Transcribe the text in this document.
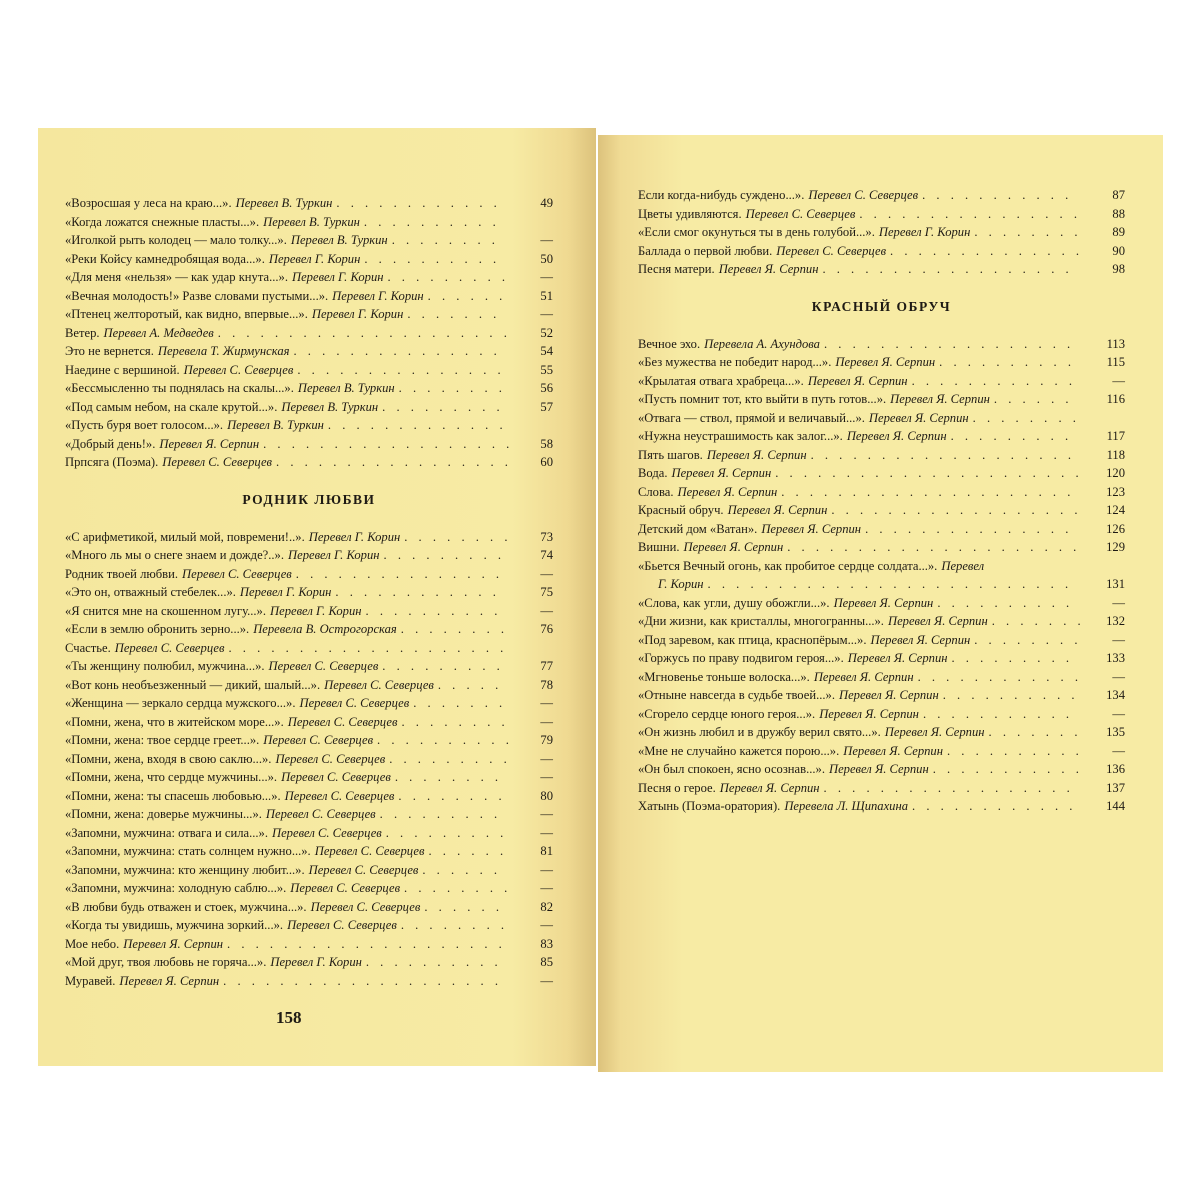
«Возросшая у леса на краю...». Перевел В. Туркин . . . . . . . . . . . .	49
«Когда ложатся снежные пласты...». Перевел В. Туркин . . . . . . . . . .
«Иголкой рыть колодец — мало толку...». Перевел В. Туркин . . . . . . . .	—
«Реки Койсу камнедробящая вода...». Перевел Г. Корин . . . . . . . . . .	50
«Для меня «нельзя» — как удар кнута...». Перевел Г. Корин . . . . . . . . .	—
«Вечная молодость!» Разве словами пустыми...». Перевел Г. Корин . . . . . .	51
«Птенец желторотый, как видно, впервые...». Перевел Г. Корин . . . . . . .	—
Ветер. Перевел А. Медведев . . . . . . . . . . . . . . . . . . . . .	52
Это не вернется. Перевела Т. Жирмунская . . . . . . . . . . . . . . .	54
Наедине с вершиной. Перевел С. Северцев . . . . . . . . . . . . . . .	55
«Бессмысленно ты поднялась на скалы...». Перевел В. Туркин . . . . . . . .	56
«Под самым небом, на скале крутой...». Перевел В. Туркин . . . . . . . . .	57
«Пусть буря воет голосом...». Перевел В. Туркин . . . . . . . . . . . . .
«Добрый день!». Перевел Я. Серпин . . . . . . . . . . . . . . . . . .	58
Прпсяга (Поэма). Перевел С. Северцев . . . . . . . . . . . . . . . . .	60
РОДНИК ЛЮБВИ
«С арифметикой, милый мой, повремени!..». Перевел Г. Корин . . . . . . . .	73
«Много ль мы о снеге знаем и дожде?..». Перевел Г. Корин . . . . . . . . .	74
Родник твоей любви. Перевел С. Северцев . . . . . . . . . . . . . . .	—
«Это он, отважный стебелек...». Перевел Г. Корин . . . . . . . . . . . .	75
«Я снится мне на скошенном лугу...». Перевел Г. Корин . . . . . . . . . .	—
«Если в землю обронить зерно...». Перевела В. Острогорская . . . . . . . .	76
Счастье. Перевел С. Северцев . . . . . . . . . . . . . . . . . . . .
«Ты женщину полюбил, мужчина...». Перевел С. Северцев . . . . . . . . .	77
«Вот конь необъезженный — дикий, шалый...». Перевел С. Северцев . . . . .	78
«Женщина — зеркало сердца мужского...». Перевел С. Северцев . . . . . . .	—
«Помни, жена, что в житейском море...». Перевел С. Северцев . . . . . . . .	—
«Помни, жена: твое сердце греет...». Перевел С. Северцев . . . . . . . . . .	79
«Помни, жена, входя в свою саклю...». Перевел С. Северцев . . . . . . . . .	—
«Помни, жена, что сердце мужчины...». Перевел С. Северцев . . . . . . . .	—
«Помни, жена: ты спасешь любовью...». Перевел С. Северцев . . . . . . . .	80
«Помни, жена: доверье мужчины...». Перевел С. Северцев . . . . . . . . .	—
«Запомни, мужчина: отвага и сила...». Перевел С. Северцев . . . . . . . . .	—
«Запомни, мужчина: стать солнцем нужно...». Перевел С. Северцев . . . . . .	81
«Запомни, мужчина: кто женщину любит...». Перевел С. Северцев . . . . . .	—
«Запомни, мужчина: холодную саблю...». Перевел С. Северцев . . . . . . . .	—
«В любви будь отважен и стоек, мужчина...». Перевел С. Северцев . . . . . .	82
«Когда ты увидишь, мужчина зоркий...». Перевел С. Северцев . . . . . . . .	—
Мое небо. Перевел Я. Серпин . . . . . . . . . . . . . . . . . . . .	83
«Мой друг, твоя любовь не горяча...». Перевел Г. Корин . . . . . . . . . .	85
Муравей. Перевел Я. Серпин . . . . . . . . . . . . . . . . . . . .	—
158
Если когда-нибудь суждено...». Перевел С. Северцев . . . . . . . . . . .	87
Цветы удивляются. Перевел С. Северцев . . . . . . . . . . . . . . . .	88
«Если смог окунуться ты в день голубой...». Перевел Г. Корин . . . . . . . .	89
Баллада о первой любви. Перевел С. Северцев . . . . . . . . . . . . . .	90
Песня матери. Перевел Я. Серпин . . . . . . . . . . . . . . . . . .	98
КРАСНЫЙ ОБРУЧ
Вечное эхо. Перевела А. Ахундова . . . . . . . . . . . . . . . . . .	113
«Без мужества не победит народ...». Перевел Я. Серпин . . . . . . . . . .	115
«Крылатая отвага храбреца...». Перевел Я. Серпин . . . . . . . . . . . .	—
«Пусть помнит тот, кто выйти в путь готов...». Перевел Я. Серпин . . . . . .	116
«Отвага — ствол, прямой и величавый...». Перевел Я. Серпин . . . . . . . .
«Нужна неустрашимость как залог...». Перевел Я. Серпин . . . . . . . . .	117
Пять шагов. Перевел Я. Серпин . . . . . . . . . . . . . . . . . . .	118
Вода. Перевел Я. Серпин . . . . . . . . . . . . . . . . . . . . . .	120
Слова. Перевел Я. Серпин . . . . . . . . . . . . . . . . . . . . .	123
Красный обруч. Перевел Я. Серпин . . . . . . . . . . . . . . . . . .	124
Детский дом «Ватан». Перевел Я. Серпин . . . . . . . . . . . . . . .	126
Вишни. Перевел Я. Серпин . . . . . . . . . . . . . . . . . . . . .	129
«Бьется Вечный огонь, как пробитое сердце солдата...». Перевел
Г. Корин . . . . . . . . . . . . . . . . . . . . . . . . . .	131
«Слова, как угли, душу обожгли...». Перевел Я. Серпин . . . . . . . . . .	—
«Дни жизни, как кристаллы, многогранны...». Перевел Я. Серпин . . . . . . .	132
«Под заревом, как птица, краснопёрым...». Перевел Я. Серпин . . . . . . . .	—
«Горжусь по праву подвигом героя...». Перевел Я. Серпин . . . . . . . . .	133
«Мгновенье тоньше волоска...». Перевел Я. Серпин . . . . . . . . . . . .	—
«Отныне навсегда в судьбе твоей...». Перевел Я. Серпин . . . . . . . . . .	134
«Сгорело сердце юного героя...». Перевел Я. Серпин . . . . . . . . . . .	—
«Он жизнь любил и в дружбу верил свято...». Перевел Я. Серпин . . . . . . .	135
«Мне не случайно кажется порою...». Перевел Я. Серпин . . . . . . . . . .	—
«Он был спокоен, ясно осознав...». Перевел Я. Серпин . . . . . . . . . . .	136
Песня о герое. Перевел Я. Серпин . . . . . . . . . . . . . . . . . .	137
Хатынь (Поэма-оратория). Перевела Л. Щипахина . . . . . . . . . . . .	144
